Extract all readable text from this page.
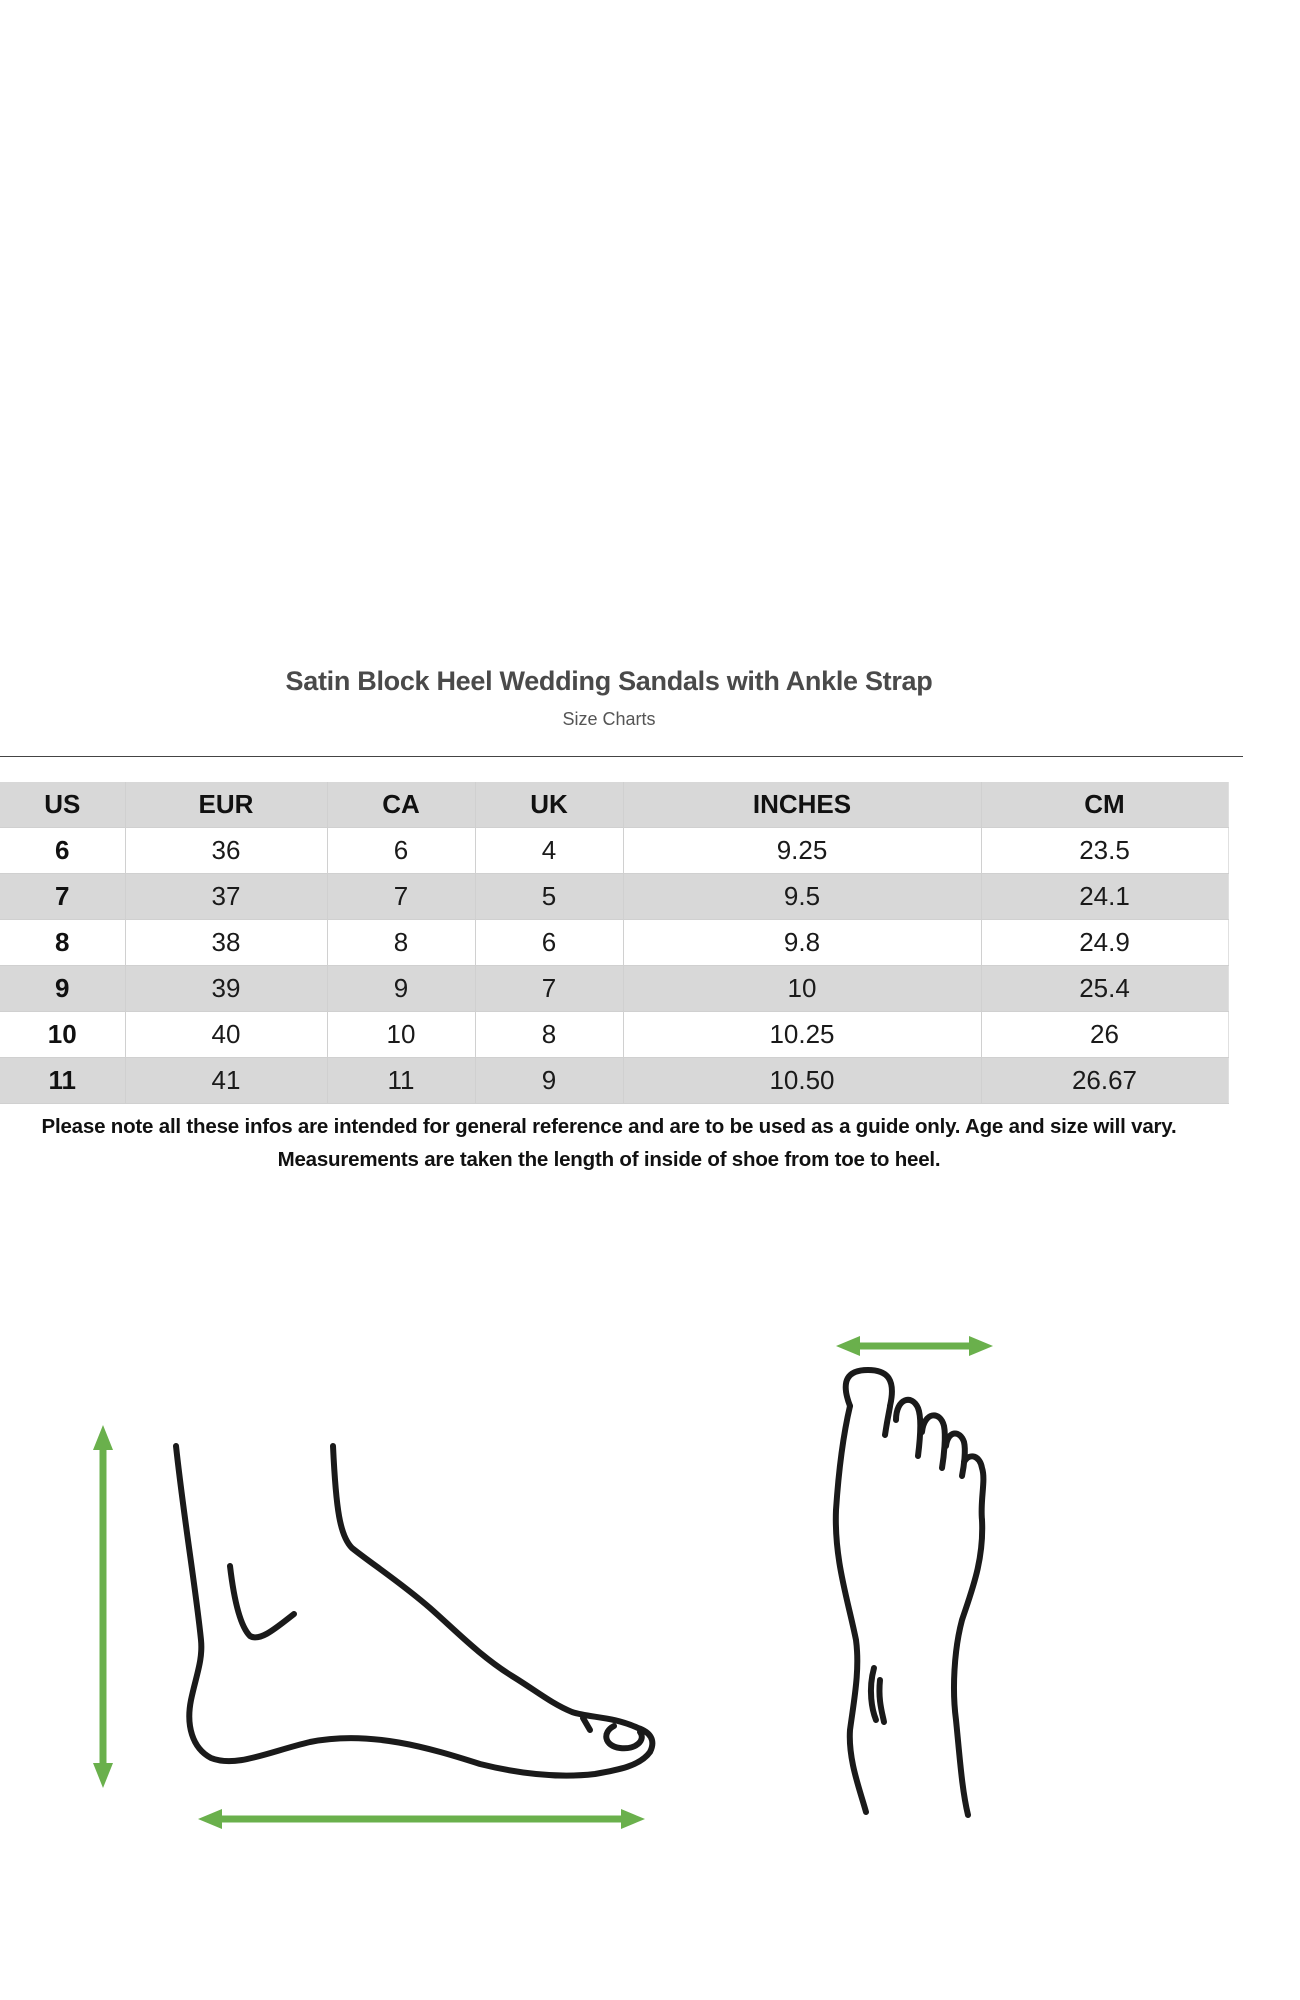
Satin Block Heel Wedding Sandals with Ankle Strap
Size Charts
US	EUR	CA	UK	INCHES	CM
6	36	6	4	9.25	23.5
7	37	7	5	9.5	24.1
8	38	8	6	9.8	24.9
9	39	9	7	10	25.4
10	40	10	8	10.25	26
11	41	11	9	10.50	26.67
Please note all these infos are intended for general reference and are to be used as a guide only. Age and size will vary.
Measurements are taken the length of inside of shoe from toe to heel.
